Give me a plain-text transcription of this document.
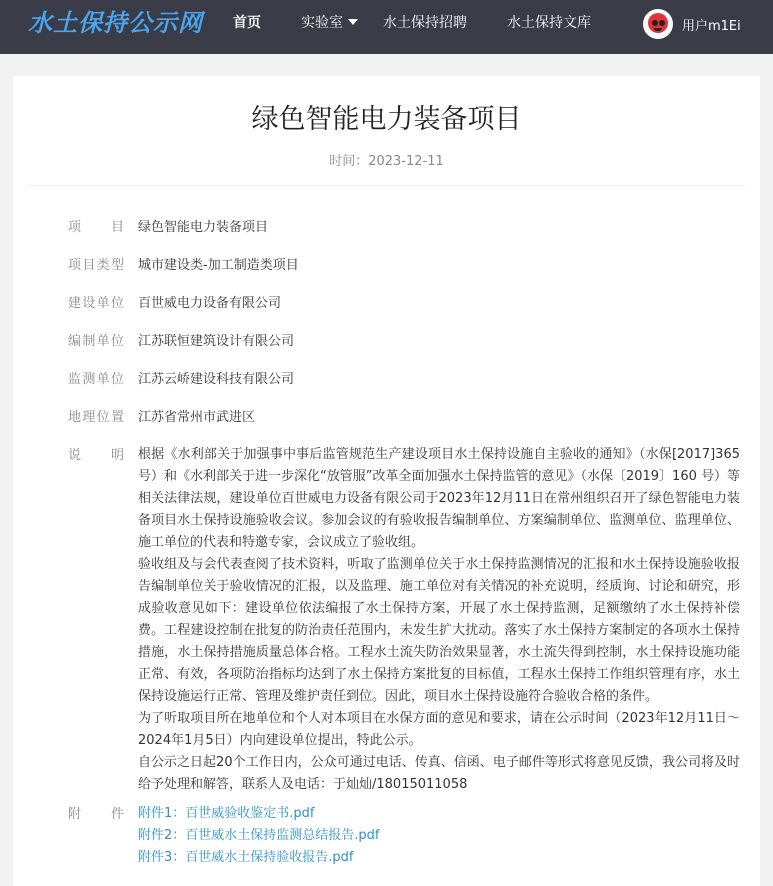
水土保持公示网 首页	实验室	水土保持招聘	水土保持文库	用户m1Ei
绿色智能电力装备项目
时间：2023-12-11
项目 绿色智能电力装备项目
项目类型 城市建设类-加工制造类项目
建设单位 百世威电力设备有限公司
编制单位 江苏联恒建筑设计有限公司
监测单位 江苏云峤建设科技有限公司
地理位置 江苏省常州市武进区
说明 根据《水利部关于加强事中事后监管规范生产建设项目水土保持设施自主验收的通知》（水保[2017]365 号）和《水利部关于进一步深化“放管服”改革全面加强水土保持监管的意见》（水保〔2019〕160 号）等相关法律法规，建设单位百世威电力设备有限公司于2023年12月11日在常州组织召开了绿色智能电力装备项目水土保持设施验收会议。参加会议的有验收报告编制单位、方案编制单位、监测单位、监理单位、施工单位的代表和特邀专家，会议成立了验收组。

验收组及与会代表查阅了技术资料，听取了监测单位关于水土保持监测情况的汇报和水土保持设施验收报告编制单位关于验收情况的汇报，以及监理、施工单位对有关情况的补充说明，经质询、讨论和研究，形成验收意见如下：建设单位依法编报了水土保持方案，开展了水土保持监测，足额缴纳了水土保持补偿费。工程建设控制在批复的防治责任范围内，未发生扩大扰动。落实了水土保持方案制定的各项水土保持措施，水土保持措施质量总体合格。工程水土流失防治效果显著，水土流失得到控制，水土保持设施功能正常、有效，各项防治指标均达到了水土保持方案批复的目标值，工程水土保持工作组织管理有序，水土保持设施运行正常、管理及维护责任到位。因此，项目水土保持设施符合验收合格的条件。

为了听取项目所在地单位和个人对本项目在水保方面的意见和要求，请在公示时间（2023年12月11日～2024年1月5日）内向建设单位提出，特此公示。

自公示之日起20个工作日内，公众可通过电话、传真、信函、电子邮件等形式将意见反馈，我公司将及时给予处理和解答，联系人及电话：于灿灿/18015011058

附件 附件1：百世威验收鉴定书.pdf
附件2：百世威水土保持监测总结报告.pdf
附件3：百世威水土保持验收报告.pdf
